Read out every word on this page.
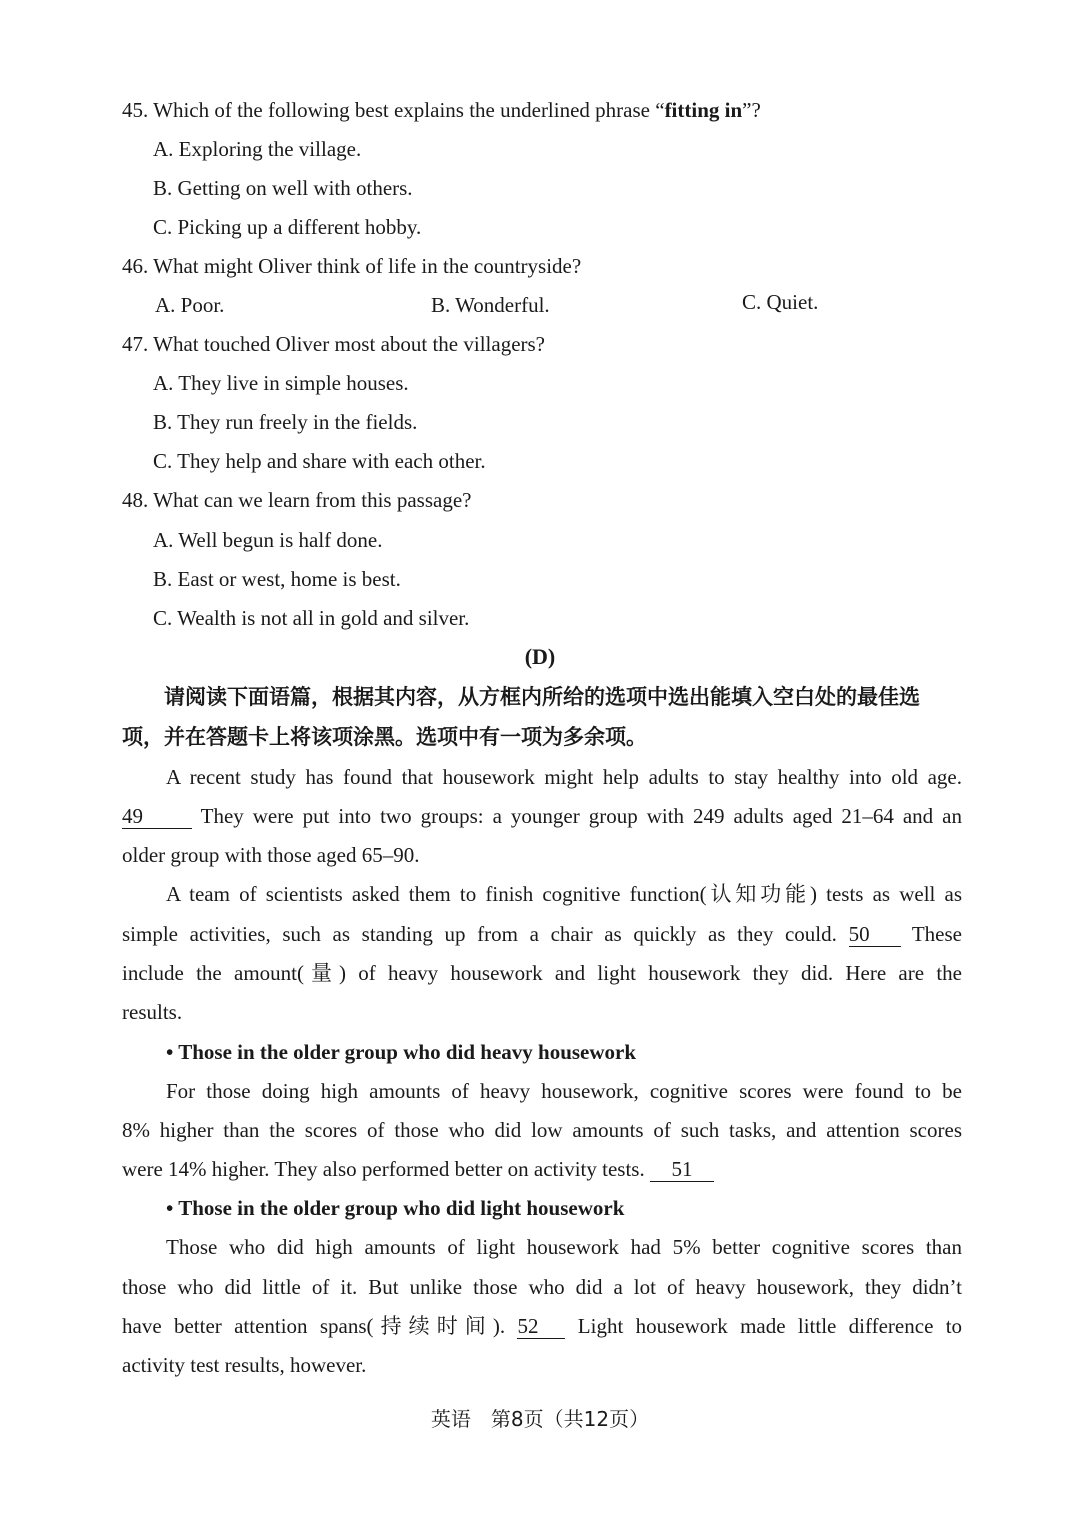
45. Which of the following best explains the underlined phrase “fitting in”?
A. Exploring the village.
B. Getting on well with others.
C. Picking up a different hobby.
46. What might Oliver think of life in the countryside?
A. Poor.	B. Wonderful.	C. Quiet.
47. What touched Oliver most about the villagers?
A. They live in simple houses.
B. They run freely in the fields.
C. They help and share with each other.
48. What can we learn from this passage?
A. Well begun is half done.
B. East or west, home is best.
C. Wealth is not all in gold and silver.
(D)
请阅读下面语篇，根据其内容，从方框内所给的选项中选出能填入空白处的最佳选
项，并在答题卡上将该项涂黑。选项中有一项为多余项。
A recent study has found that housework might help adults to stay healthy into old age.
49 They were put into two groups: a younger group with 249 adults aged 21–64 and an
older group with those aged 65–90.
A team of scientists asked them to finish cognitive function(认知功能) tests as well as
simple activities, such as standing up from a chair as quickly as they could. 50 These
include the amount(量) of heavy housework and light housework they did. Here are the
results.
• Those in the older group who did heavy housework
For those doing high amounts of heavy housework, cognitive scores were found to be
8% higher than the scores of those who did low amounts of such tasks, and attention scores
were 14% higher. They also performed better on activity tests. 51
• Those in the older group who did light housework
Those who did high amounts of light housework had 5% better cognitive scores than
those who did little of it. But unlike those who did a lot of heavy housework, they didn’t
have better attention spans(持续时间). 52 Light housework made little difference to
activity test results, however.
英语　第8页（共12页）
